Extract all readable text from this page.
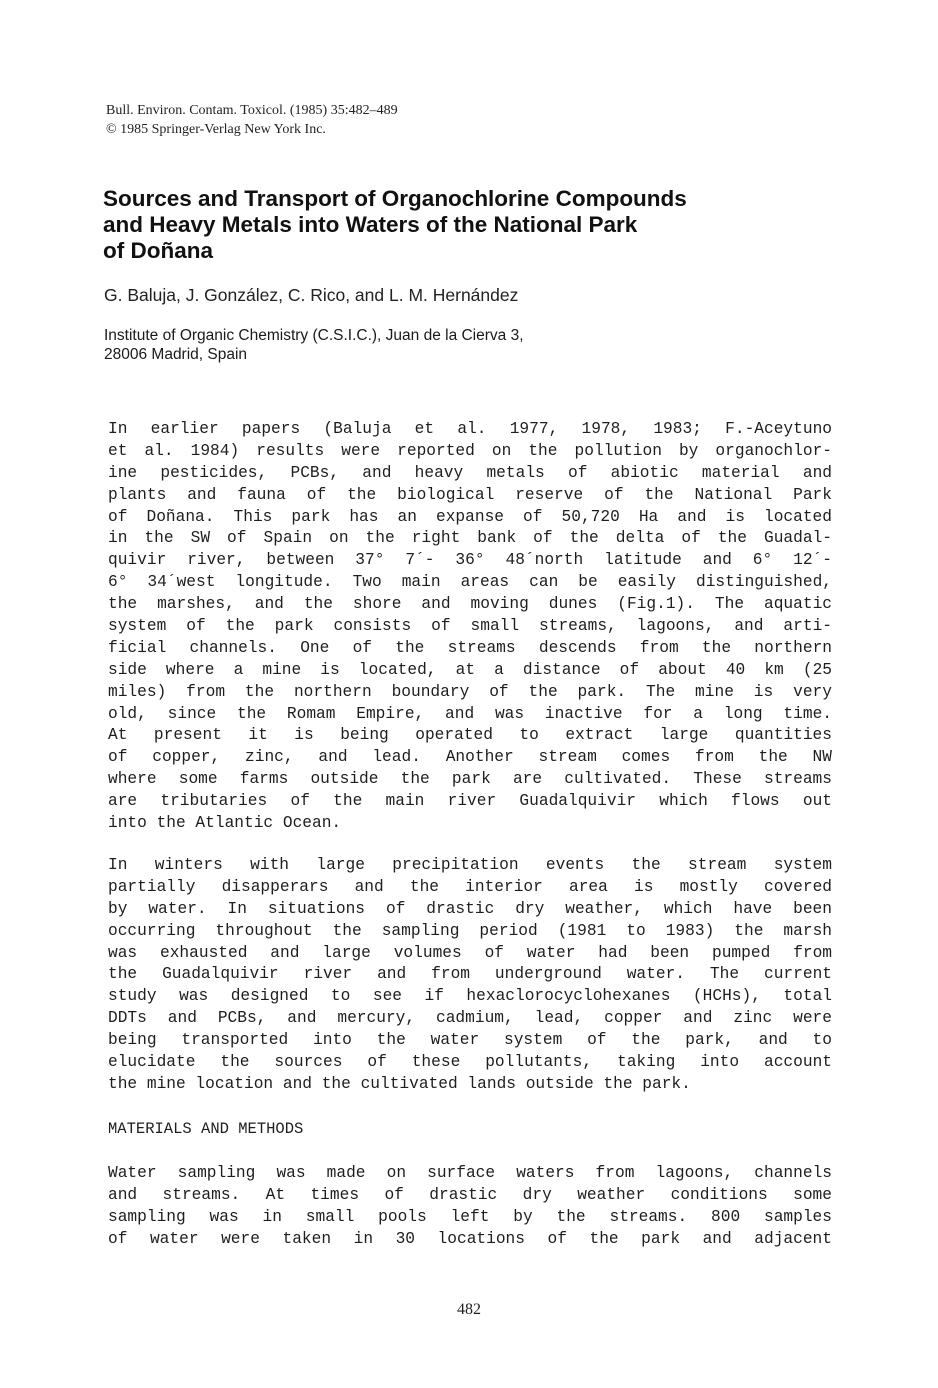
Bull. Environ. Contam. Toxicol. (1985) 35:482–489
© 1985 Springer-Verlag New York Inc.
Sources and Transport of Organochlorine Compounds
and Heavy Metals into Waters of the National Park
of Doñana
G. Baluja, J. González, C. Rico, and L. M. Hernández
Institute of Organic Chemistry (C.S.I.C.), Juan de la Cierva 3,
28006 Madrid, Spain
In earlier papers (Baluja et al. 1977, 1978, 1983; F.-Aceytuno
et al. 1984) results were reported on the pollution by organochlor-
ine pesticides, PCBs, and heavy metals of abiotic material and
plants and fauna of the biological reserve of the National Park
of Doñana. This park has an expanse of 50,720 Ha and is located
in the SW of Spain on the right bank of the delta of the Guadal-
quivir river, between 37° 7´- 36° 48´north latitude and 6° 12´-
6° 34´west longitude. Two main areas can be easily distinguished,
the marshes, and the shore and moving dunes (Fig.1). The aquatic
system of the park consists of small streams, lagoons, and arti-
ficial channels. One of the streams descends from the northern
side where a mine is located, at a distance of about 40 km (25
miles) from the northern boundary of the park. The mine is very
old, since the Romam Empire, and was inactive for a long time.
At present it is being operated to extract large quantities
of copper, zinc, and lead. Another stream comes from the NW
where some farms outside the park are cultivated. These streams
are tributaries of the main river Guadalquivir which flows out
into the Atlantic Ocean.
In winters with large precipitation events the stream system
partially disapperars and the interior area is mostly covered
by water. In situations of drastic dry weather, which have been
occurring throughout the sampling period (1981 to 1983) the marsh
was exhausted and large volumes of water had been pumped from
the Guadalquivir river and from underground water. The current
study was designed to see if hexaclorocyclohexanes (HCHs), total
DDTs and PCBs, and mercury, cadmium, lead, copper and zinc were
being transported into the water system of the park, and to
elucidate the sources of these pollutants, taking into account
the mine location and the cultivated lands outside the park.
MATERIALS AND METHODS
Water sampling was made on surface waters from lagoons, channels
and streams. At times of drastic dry weather conditions some
sampling was in small pools left by the streams. 800 samples
of water were taken in 30 locations of the park and adjacent
482
